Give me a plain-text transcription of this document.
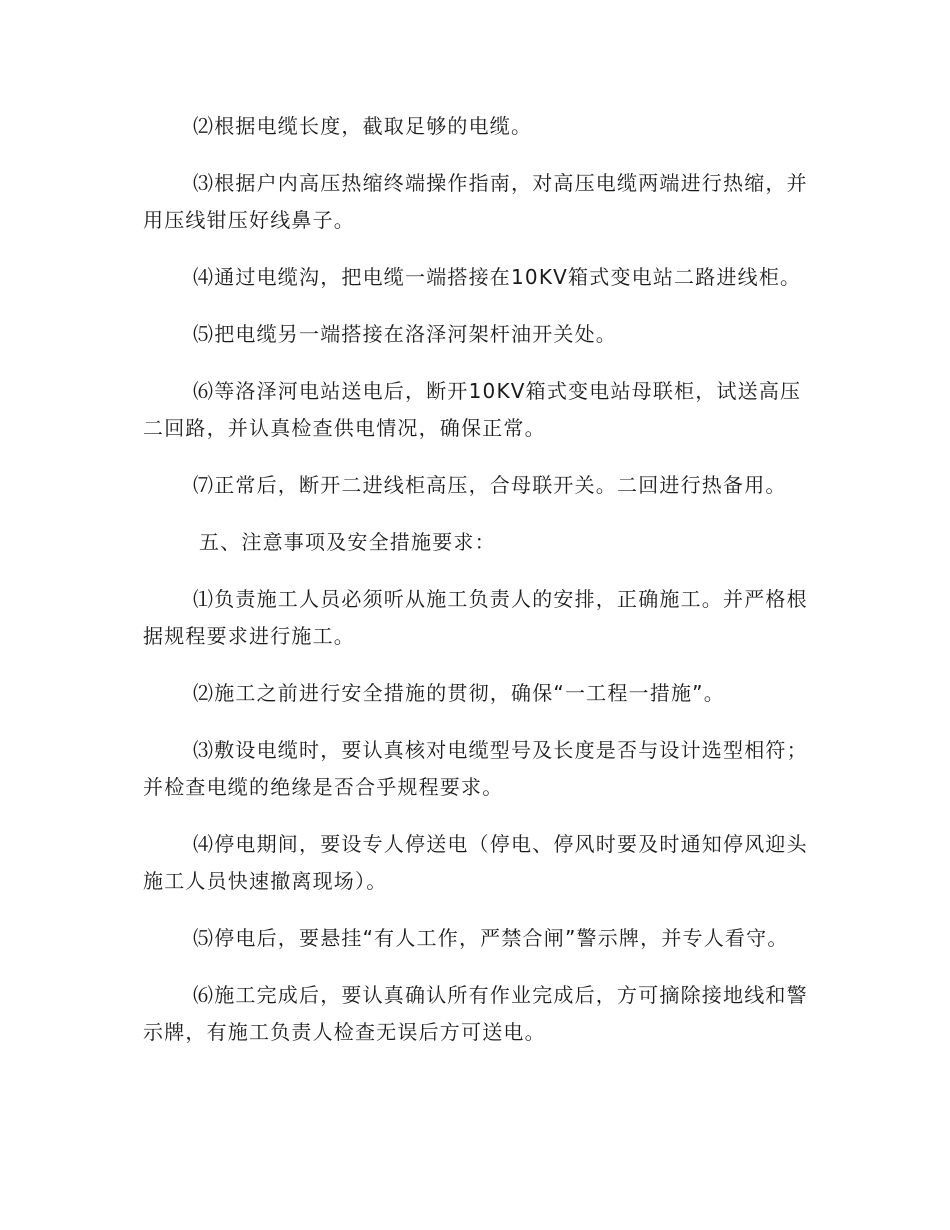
⑵根据电缆长度，截取足够的电缆。

⑶根据户内高压热缩终端操作指南，对高压电缆两端进行热缩，并用压线钳压好线鼻子。

⑷通过电缆沟，把电缆一端搭接在10KV箱式变电站二路进线柜。

⑸把电缆另一端搭接在洛泽河架杆油开关处。

⑹等洛泽河电站送电后，断开10KV箱式变电站母联柜，试送高压二回路，并认真检查供电情况，确保正常。

⑺正常后，断开二进线柜高压，合母联开关。二回进行热备用。

五、注意事项及安全措施要求：

⑴负责施工人员必须听从施工负责人的安排，正确施工。并严格根据规程要求进行施工。

⑵施工之前进行安全措施的贯彻，确保“一工程一措施”。

⑶敷设电缆时，要认真核对电缆型号及长度是否与设计选型相符；并检查电缆的绝缘是否合乎规程要求。

⑷停电期间，要设专人停送电（停电、停风时要及时通知停风迎头施工人员快速撤离现场）。

⑸停电后，要悬挂“有人工作，严禁合闸”警示牌，并专人看守。

⑹施工完成后，要认真确认所有作业完成后，方可摘除接地线和警示牌，有施工负责人检查无误后方可送电。
